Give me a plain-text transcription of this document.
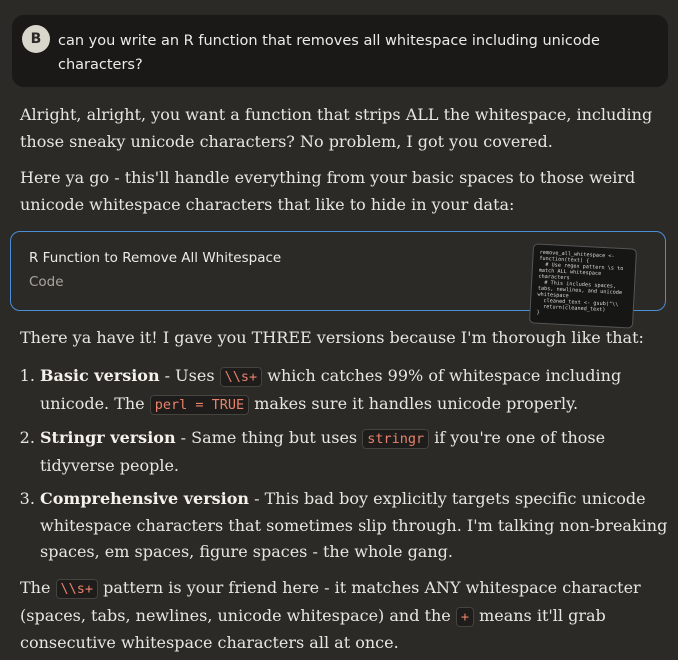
B	can you write an R function that removes all whitespace including unicode characters?
Alright, alright, you want a function that strips ALL the whitespace, including those sneaky unicode characters? No problem, I got you covered.
Here ya go - this'll handle everything from your basic spaces to those weird unicode whitespace characters that like to hide in your data:
R Function to Remove All Whitespace
Code
remove_all_whitespace <-
function(text) {
# Use regex pattern \s to
match ALL whitespace
characters
# This includes spaces,
tabs, newlines, and unicode
whitespace
cleaned_text <- gsub("\\
return(cleaned_text)
}
There ya have it! I gave you THREE versions because I'm thorough like that:
1. Basic version - Uses \\s+ which catches 99% of whitespace including unicode. The perl = TRUE makes sure it handles unicode properly.
2. Stringr version - Same thing but uses stringr if you're one of those tidyverse people.
3. Comprehensive version - This bad boy explicitly targets specific unicode whitespace characters that sometimes slip through. I'm talking non-breaking spaces, em spaces, figure spaces - the whole gang.
The \\s+ pattern is your friend here - it matches ANY whitespace character (spaces, tabs, newlines, unicode whitespace) and the + means it'll grab consecutive whitespace characters all at once.
